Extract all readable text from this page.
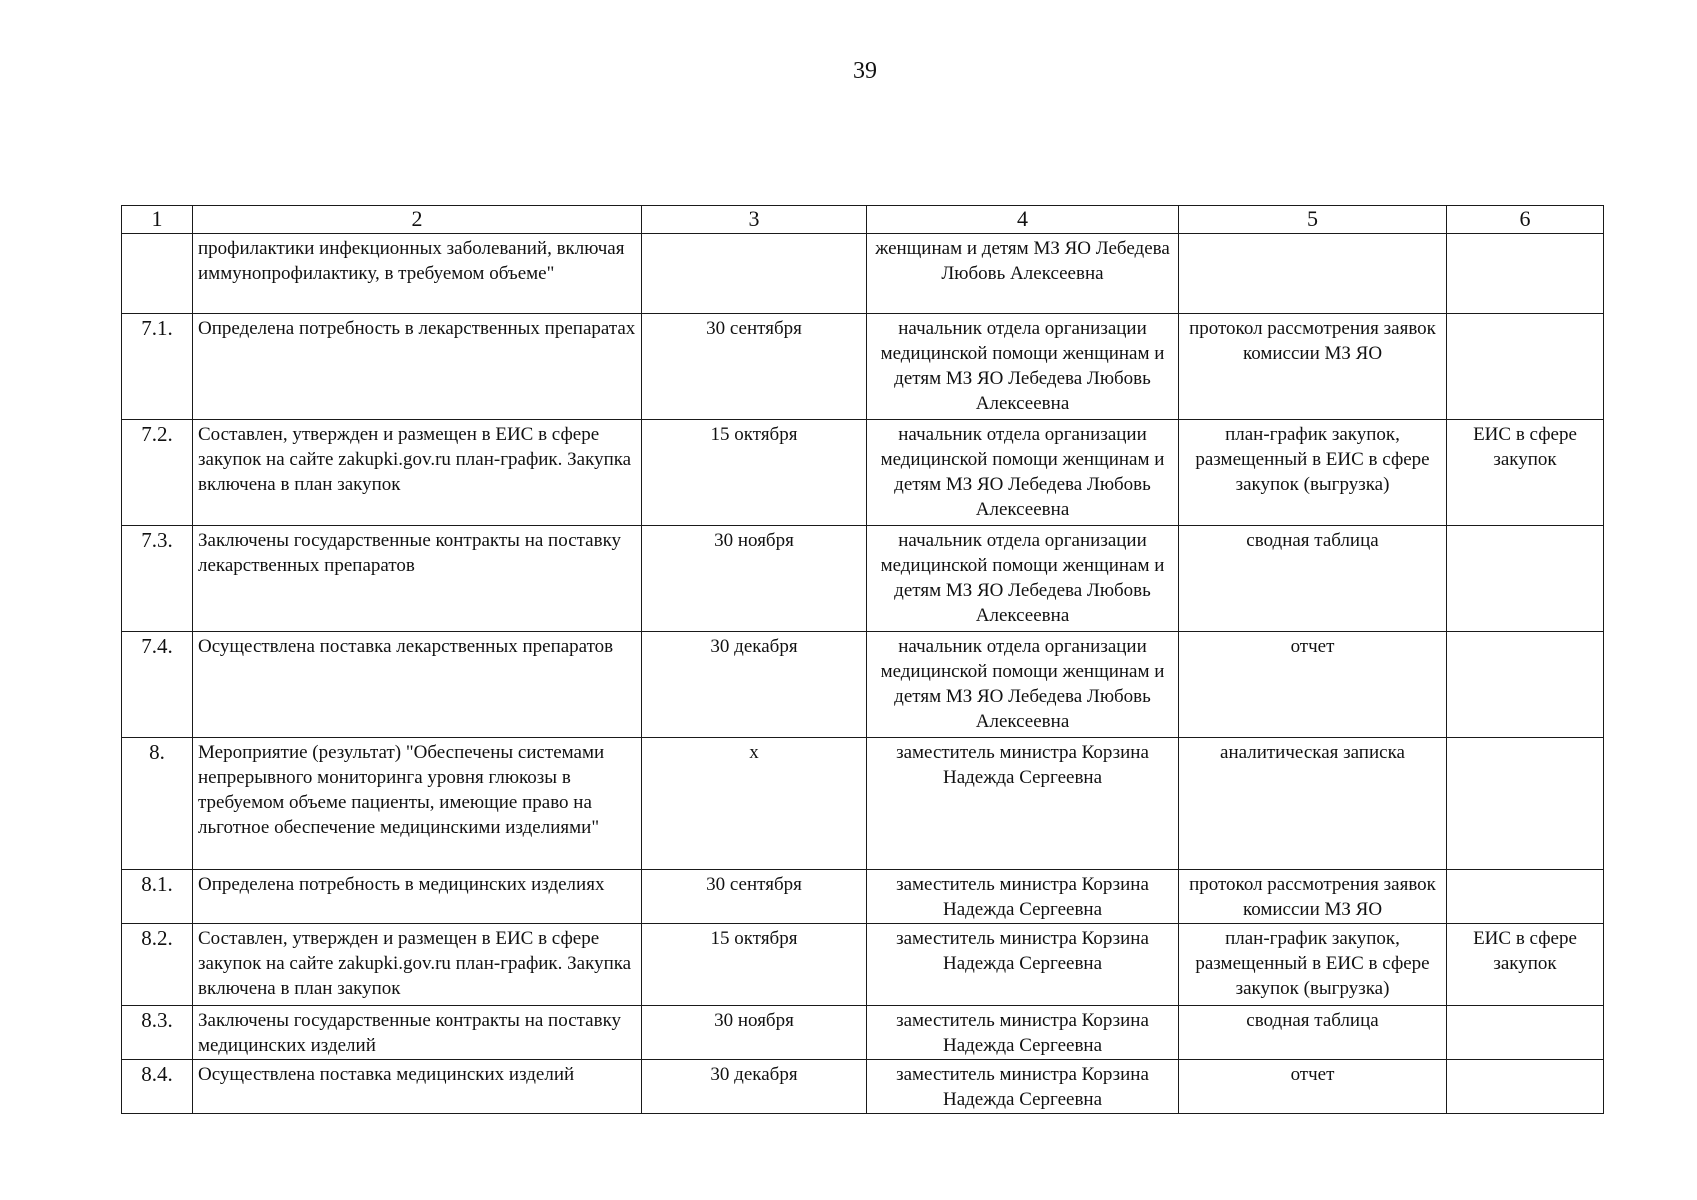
39
1	2	3	4	5	6
	профилактики инфекционных заболеваний, включая иммунопрофилактику, в требуемом объеме"		женщинам и детям МЗ ЯО Лебедева Любовь Алексеевна		
7.1.	Определена потребность в лекарственных препаратах	30 сентября	начальник отдела организации медицинской помощи женщинам и детям МЗ ЯО Лебедева Любовь Алексеевна	протокол рассмотрения заявок комиссии МЗ ЯО	
7.2.	Составлен, утвержден и размещен в ЕИС в сфере закупок на сайте zakupki.gov.ru план-график. Закупка включена в план закупок	15 октября	начальник отдела организации медицинской помощи женщинам и детям МЗ ЯО Лебедева Любовь Алексеевна	план-график закупок, размещенный в ЕИС в сфере закупок (выгрузка)	ЕИС в сфере закупок
7.3.	Заключены государственные контракты на поставку лекарственных препаратов	30 ноября	начальник отдела организации медицинской помощи женщинам и детям МЗ ЯО Лебедева Любовь Алексеевна	сводная таблица	
7.4.	Осуществлена поставка лекарственных препаратов	30 декабря	начальник отдела организации медицинской помощи женщинам и детям МЗ ЯО Лебедева Любовь Алексеевна	отчет	
8.	Мероприятие (результат) "Обеспечены системами непрерывного мониторинга уровня глюкозы в требуемом объеме пациенты, имеющие право на льготное обеспечение медицинскими изделиями"	х	заместитель министра Корзина Надежда Сергеевна	аналитическая записка	
8.1.	Определена потребность в медицинских изделиях	30 сентября	заместитель министра Корзина Надежда Сергеевна	протокол рассмотрения заявок комиссии МЗ ЯО	
8.2.	Составлен, утвержден и размещен в ЕИС в сфере закупок на сайте zakupki.gov.ru план-график. Закупка включена в план закупок	15 октября	заместитель министра Корзина Надежда Сергеевна	план-график закупок, размещенный в ЕИС в сфере закупок (выгрузка)	ЕИС в сфере закупок
8.3.	Заключены государственные контракты на поставку медицинских изделий	30 ноября	заместитель министра Корзина Надежда Сергеевна	сводная таблица	
8.4.	Осуществлена поставка медицинских изделий	30 декабря	заместитель министра Корзина Надежда Сергеевна	отчет	
